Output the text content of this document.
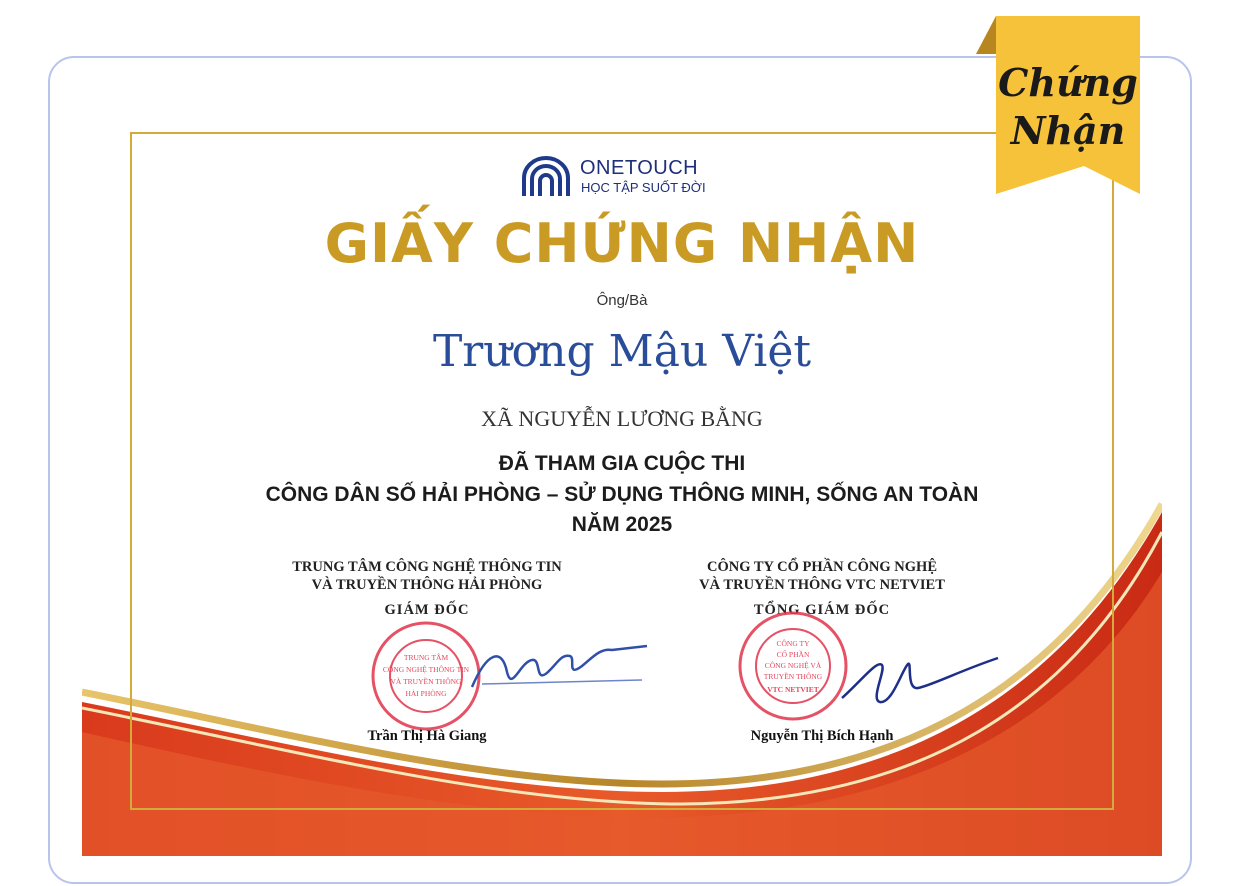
ONETOUCH
HỌC TẬP SUỐT ĐỜI
GIẤY CHỨNG NHẬN
Ông/Bà
Trương Mậu Việt
XÃ NGUYỄN LƯƠNG BẰNG
ĐÃ THAM GIA CUỘC THI
CÔNG DÂN SỐ HẢI PHÒNG – SỬ DỤNG THÔNG MINH, SỐNG AN TOÀN
NĂM 2025
TRUNG TÂM CÔNG NGHỆ THÔNG TIN
VÀ TRUYỀN THÔNG HẢI PHÒNG
GIÁM ĐỐC
CÔNG TY CỔ PHẦN CÔNG NGHỆ
VÀ TRUYỀN THÔNG VTC NETVIET
TỔNG GIÁM ĐỐC
TRUNG TÂM
CÔNG NGHỆ THÔNG TIN
VÀ TRUYỀN THÔNG
HẢI PHÒNG
Trần Thị Hà Giang
CÔNG TY
CỔ PHẦN
CÔNG NGHỆ VÀ
TRUYỀN THÔNG
VTC NETVIET
Nguyễn Thị Bích Hạnh
Chứng
Nhận
